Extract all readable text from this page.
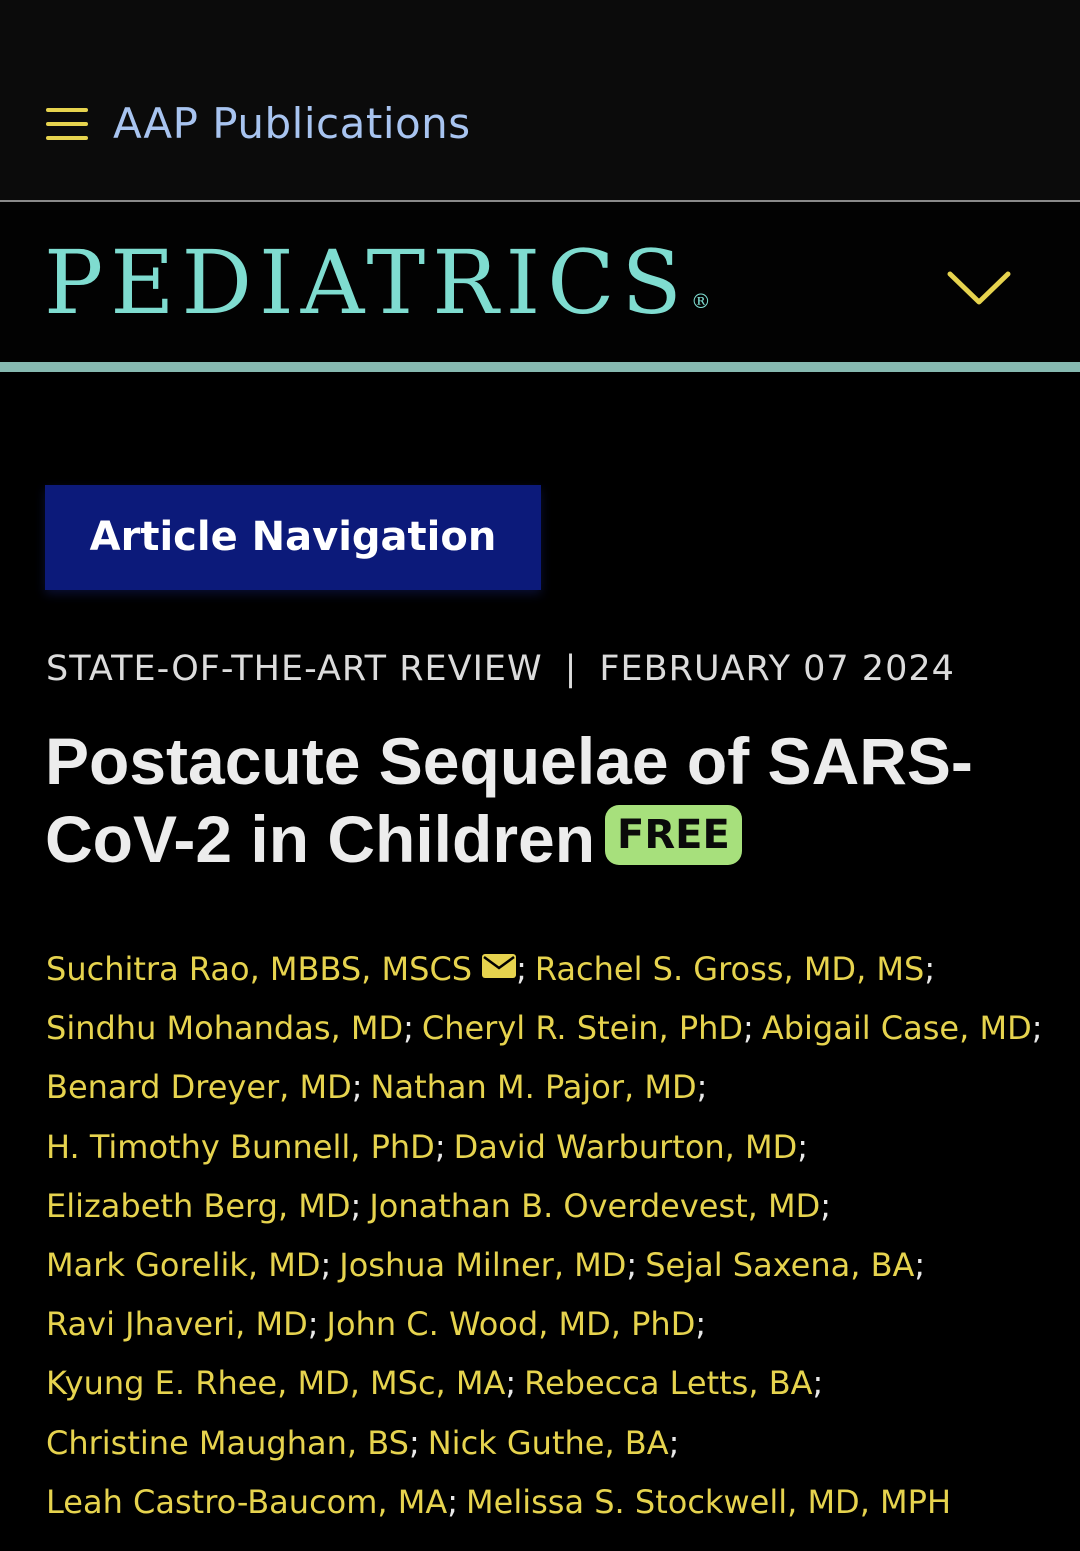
AAP Publications
PEDIATRICS ®
Article Navigation
STATE-OF-THE-ART REVIEW | FEBRUARY 07 2024
Postacute Sequelae of SARS-CoV-2 in Children FREE
Suchitra Rao, MBBS, MSCS ; Rachel S. Gross, MD, MS;
Sindhu Mohandas, MD; Cheryl R. Stein, PhD; Abigail Case, MD;
Benard Dreyer, MD; Nathan M. Pajor, MD;
H. Timothy Bunnell, PhD; David Warburton, MD;
Elizabeth Berg, MD; Jonathan B. Overdevest, MD;
Mark Gorelik, MD; Joshua Milner, MD; Sejal Saxena, BA;
Ravi Jhaveri, MD; John C. Wood, MD, PhD;
Kyung E. Rhee, MD, MSc, MA; Rebecca Letts, BA;
Christine Maughan, BS; Nick Guthe, BA;
Leah Castro-Baucom, MA; Melissa S. Stockwell, MD, MPH
